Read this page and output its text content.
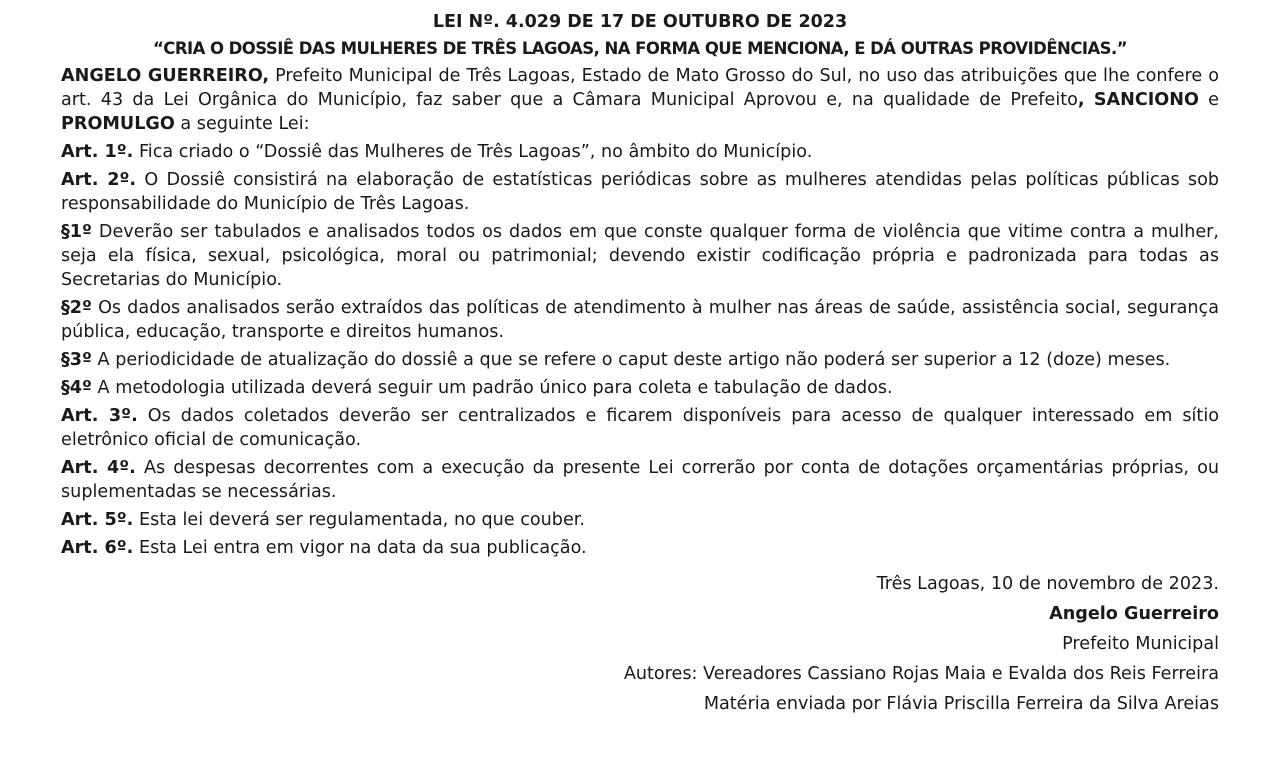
LEI Nº. 4.029 DE 17 DE OUTUBRO DE 2023
“CRIA O DOSSIÊ DAS MULHERES DE TRÊS LAGOAS, NA FORMA QUE MENCIONA, E DÁ OUTRAS PROVIDÊNCIAS.”
ANGELO GUERREIRO, Prefeito Municipal de Três Lagoas, Estado de Mato Grosso do Sul, no uso das atribuições que lhe confere o art. 43 da Lei Orgânica do Município, faz saber que a Câmara Municipal Aprovou e, na qualidade de Prefeito, SANCIONO e PROMULGO a seguinte Lei:
Art. 1º. Fica criado o “Dossiê das Mulheres de Três Lagoas”, no âmbito do Município.
Art. 2º. O Dossiê consistirá na elaboração de estatísticas periódicas sobre as mulheres atendidas pelas políticas públicas sob responsabilidade do Município de Três Lagoas.
§1º Deverão ser tabulados e analisados todos os dados em que conste qualquer forma de violência que vitime contra a mulher, seja ela física, sexual, psicológica, moral ou patrimonial; devendo existir codificação própria e padronizada para todas as Secretarias do Município.
§2º Os dados analisados serão extraídos das políticas de atendimento à mulher nas áreas de saúde, assistência social, segurança pública, educação, transporte e direitos humanos.
§3º A periodicidade de atualização do dossiê a que se refere o caput deste artigo não poderá ser superior a 12 (doze) meses.
§4º A metodologia utilizada deverá seguir um padrão único para coleta e tabulação de dados.
Art. 3º. Os dados coletados deverão ser centralizados e ficarem disponíveis para acesso de qualquer interessado em sítio eletrônico oficial de comunicação.
Art. 4º. As despesas decorrentes com a execução da presente Lei correrão por conta de dotações orçamentárias próprias, ou suplementadas se necessárias.
Art. 5º. Esta lei deverá ser regulamentada, no que couber.
Art. 6º. Esta Lei entra em vigor na data da sua publicação.
Três Lagoas, 10 de novembro de 2023.
Angelo Guerreiro
Prefeito Municipal
Autores: Vereadores Cassiano Rojas Maia e Evalda dos Reis Ferreira
Matéria enviada por Flávia Priscilla Ferreira da Silva Areias
